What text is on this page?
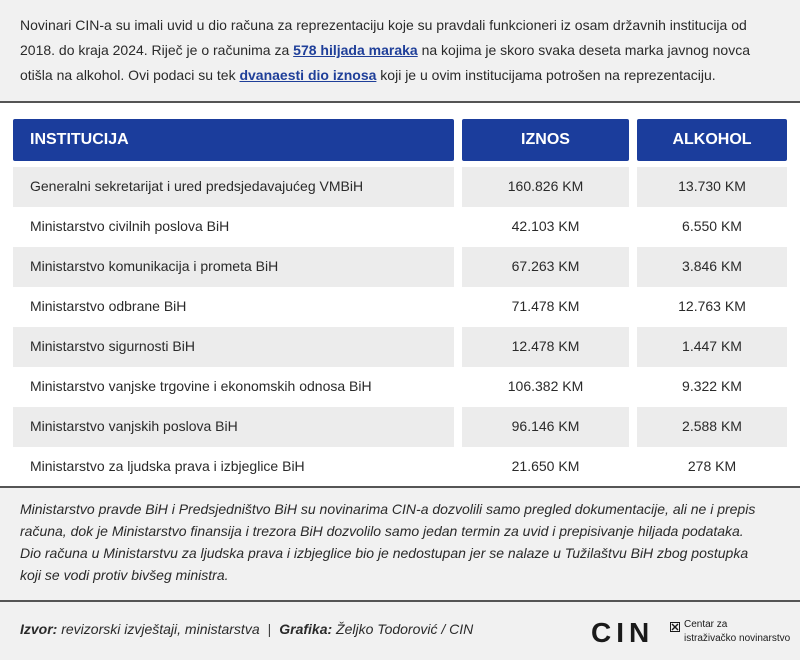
Novinari CIN-a su imali uvid u dio računa za reprezentaciju koje su pravdali funkcioneri iz osam državnih institucija od 2018. do kraja 2024. Riječ je o računima za 578 hiljada maraka na kojima je skoro svaka deseta marka javnog novca otišla na alkohol. Ovi podaci su tek dvanaesti dio iznosa koji je u ovim institucijama potrošen na reprezentaciju.
INSTITUCIJA	IZNOS	ALKOHOL
Generalni sekretarijat i ured predsjedavajućeg VMBiH	160.826 KM	13.730 KM
Ministarstvo civilnih poslova BiH	42.103 KM	6.550 KM
Ministarstvo komunikacija i prometa BiH	67.263 KM	3.846 KM
Ministarstvo odbrane BiH	71.478 KM	12.763 KM
Ministarstvo sigurnosti BiH	12.478 KM	1.447 KM
Ministarstvo vanjske trgovine i ekonomskih odnosa BiH	106.382 KM	9.322 KM
Ministarstvo vanjskih poslova BiH	96.146 KM	2.588 KM
Ministarstvo za ljudska prava i izbjeglice BiH	21.650 KM	278 KM
Ministarstvo pravde BiH i Predsjedništvo BiH su novinarima CIN-a dozvolili samo pregled dokumentacije, ali ne i prepis
računa, dok je Ministarstvo finansija i trezora BiH dozvolilo samo jedan termin za uvid i prepisivanje hiljada podataka.
Dio računa u Ministarstvu za ljudska prava i izbjeglice bio je nedostupan jer se nalaze u Tužilaštvu BiH zbog postupka
koji se vodi protiv bivšeg ministra.
Izvor: revizorski izvještaji, ministarstva | Grafika: Željko Todorović / CIN	CIN	Centar za
istraživačko novinarstvo
